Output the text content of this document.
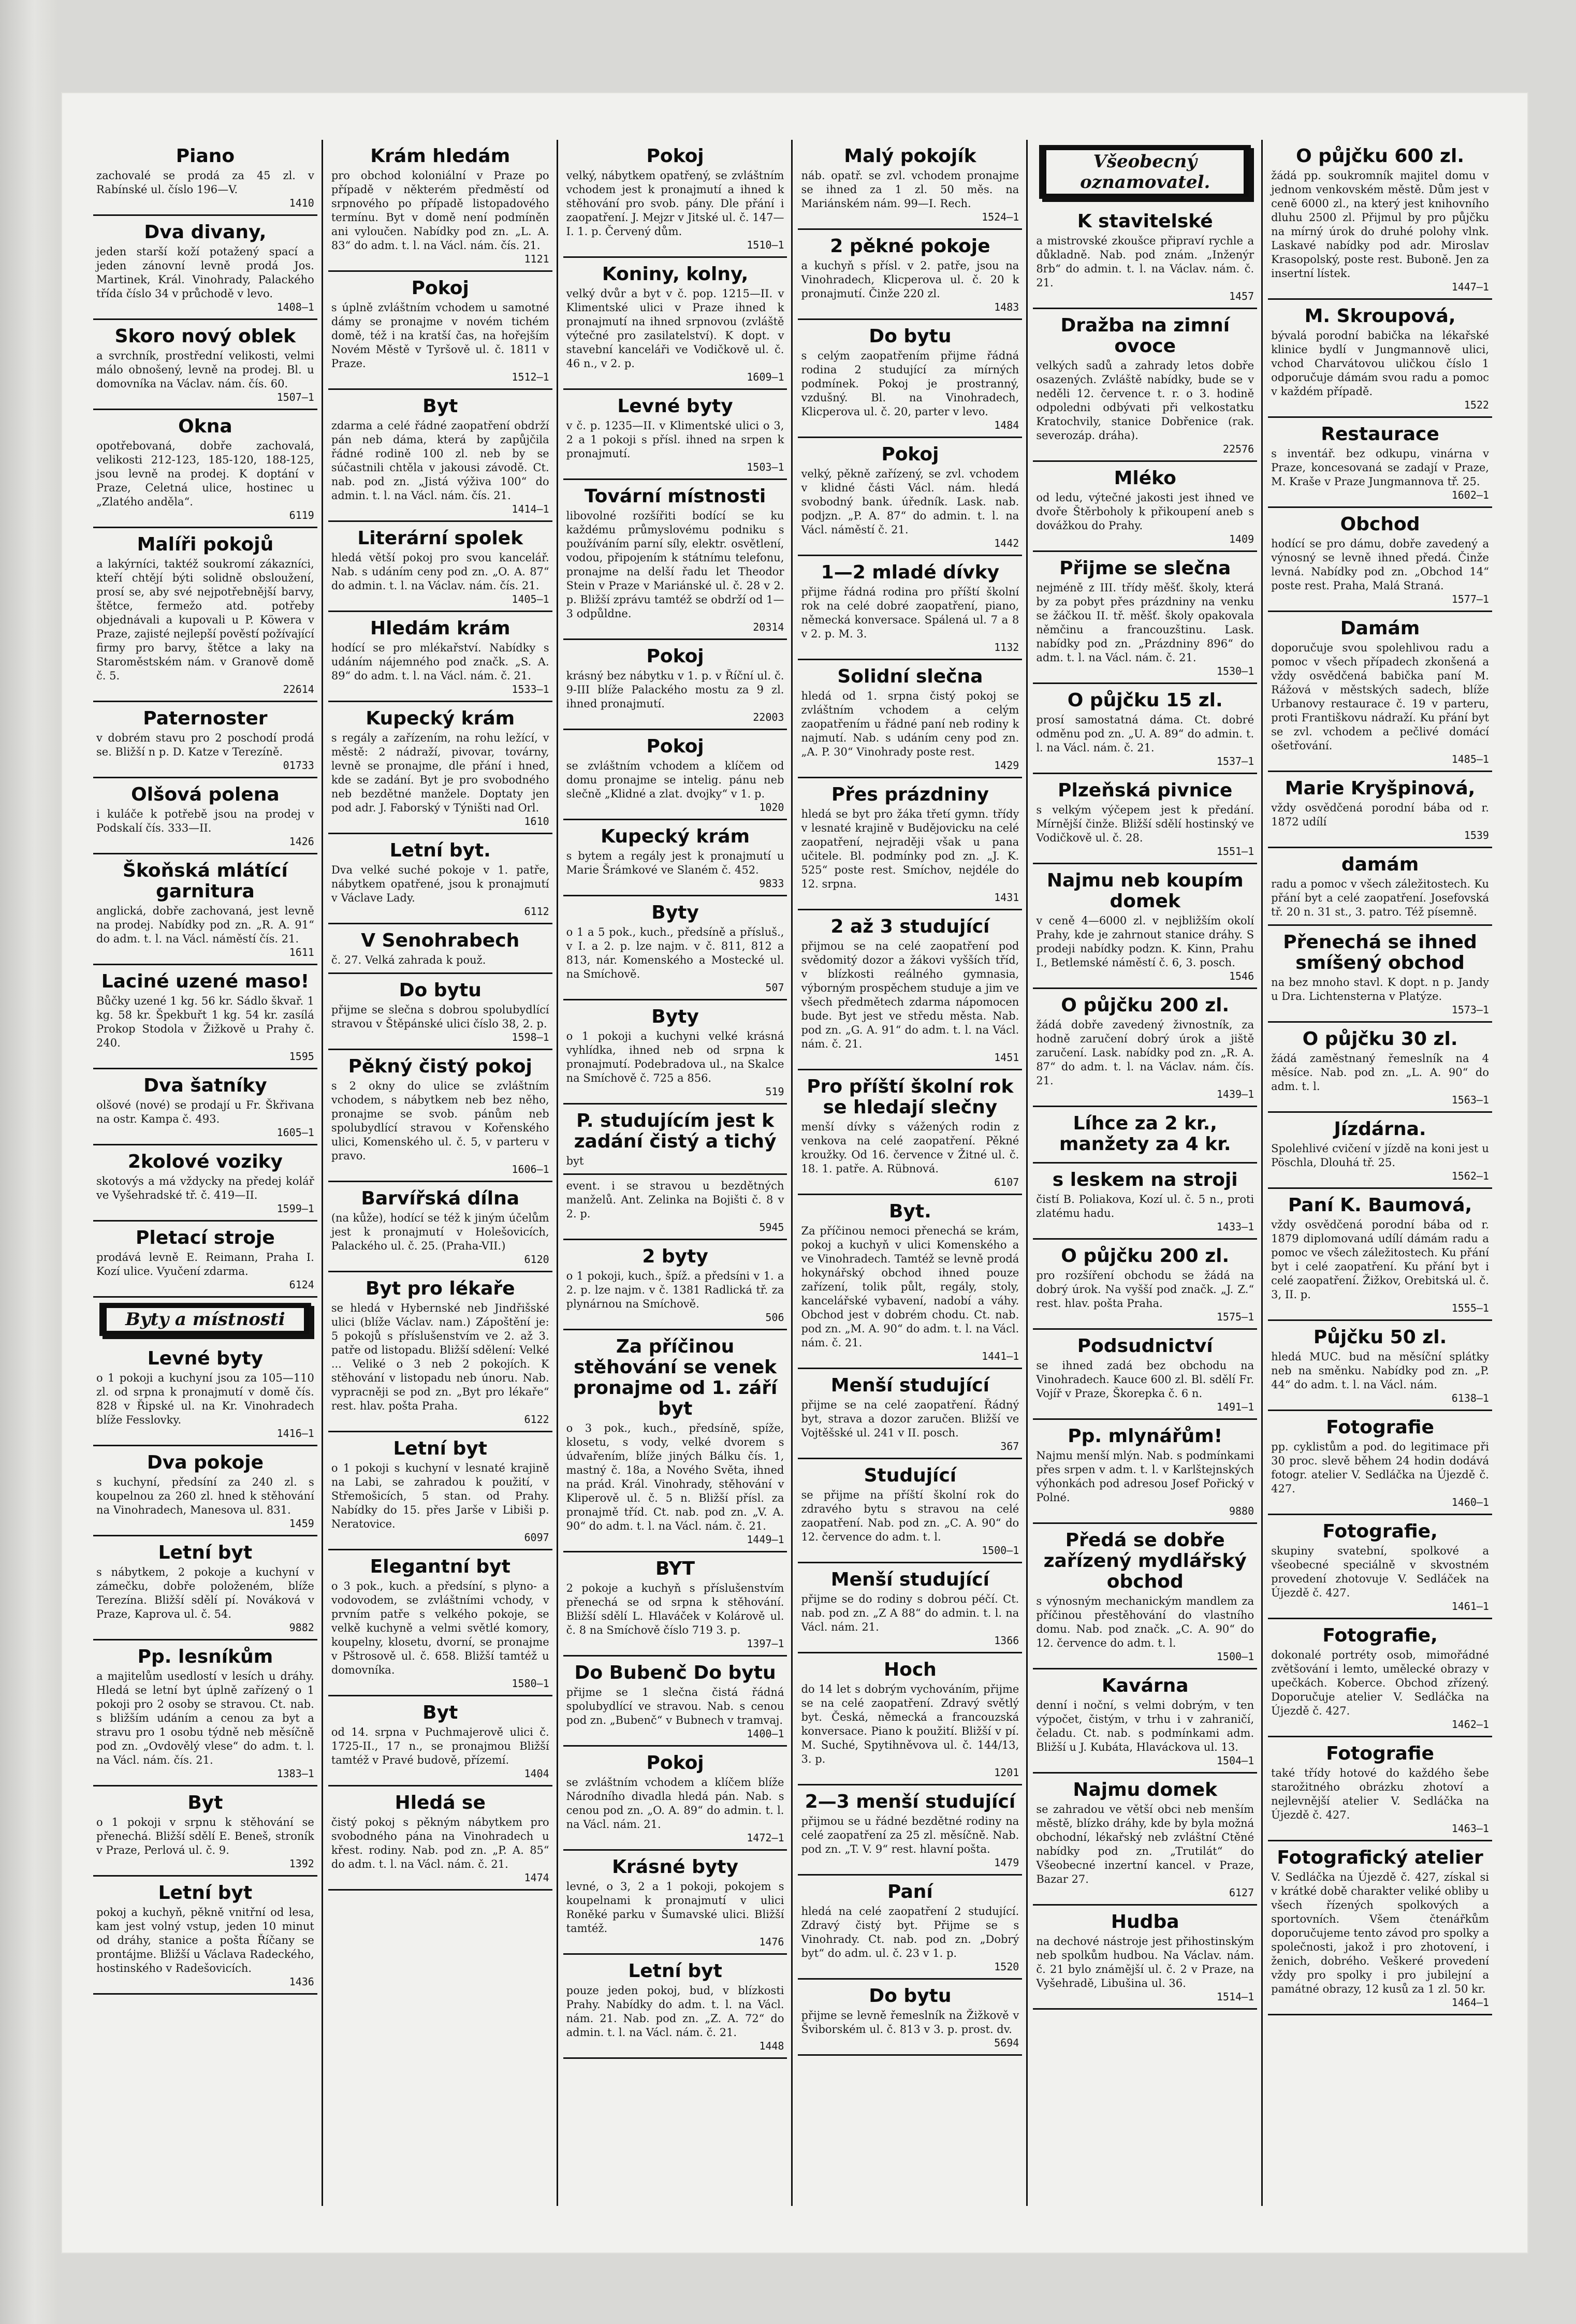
Piano
zachovalé se prodá za 45 zl. v Rabínské ul. číslo 196—V.
1410
Dva divany,
jeden starší koží potažený spací a jeden zánovní levně prodá Jos. Martinek, Král. Vinohrady, Palackého třída číslo 34 v průchodě v levo.
1408—1
Skoro nový oblek
a svrchník, prostřední velikosti, velmi málo obnošený, levně na prodej. Bl. u domovníka na Václav. nám. čís. 60.
1507—1
Okna
opotřebovaná, dobře zachovalá, velikosti 212-123, 185-120, 188-125, jsou levně na prodej. K doptání v Praze, Celetná ulice, hostinec u „Zlatého anděla“.
6119
Malíři pokojů
a lakýrníci, taktéž soukromí zákazníci, kteří chtějí býti solidně obsloužení, prosí se, aby své nejpotřebnější barvy, štětce, fermežo atd. potřeby objednávali a kupovali u P. Köwera v Praze, zajisté nejlepší pověstí požívající firmy pro barvy, štětce a laky na Staroměstském nám. v Granově domě č. 5.
22614
Paternoster
v dobrém stavu pro 2 poschodí prodá se. Bližší n p. D. Katze v Terezíně.
01733
Olšová polena
i kuláče k potřebě jsou na prodej v Podskalí čís. 333—II.
1426
Škoňská mlátící garnitura
anglická, dobře zachovaná, jest levně na prodej. Nabídky pod zn. „R. A. 91“ do adm. t. l. na Václ. náměstí čís. 21.
1611
Laciné uzené maso!
Bůčky uzené 1 kg. 56 kr. Sádlo škvař. 1 kg. 58 kr. Špekbuřt 1 kg. 54 kr. zasílá Prokop Stodola v Žižkově u Prahy č. 240.
1595
Dva šatníky
olšové (nové) se prodají u Fr. Škřivana na ostr. Kampa č. 493.
1605—1
2kolové voziky
skotovýs a má vždycky na předej kolář ve Vyšehradské tř. č. 419—II.
1599—1
Pletací stroje
prodává levně E. Reimann, Praha I. Kozí ulice. Vyučení zdarma.
6124
Byty a místnosti
Levné byty
o 1 pokoji a kuchyní jsou za 105—110 zl. od srpna k pronajmutí v domě čís. 828 v Řipské ul. na Kr. Vinohradech blíže Fesslovky.
1416—1
Dva pokoje
s kuchyní, předsíní za 240 zl. s koupelnou za 260 zl. hned k stěhování na Vinohradech, Manesova ul. 831.
1459
Letní byt
s nábytkem, 2 pokoje a kuchyní v zámečku, dobře položeném, blíže Terezína. Bližší sdělí pí. Nováková v Praze, Kaprova ul. č. 54.
9882
Pp. lesníkům
a majitelům usedlostí v lesích u dráhy. Hledá se letní byt úplně zařízený o 1 pokoji pro 2 osoby se stravou. Ct. nab. s bližším udáním a cenou za byt a stravu pro 1 osobu týdně neb měsíčně pod zn. „Ovdovělý vlese“ do adm. t. l. na Václ. nám. čís. 21.
1383—1
Byt
o 1 pokoji v srpnu k stěhování se přenechá. Bližší sdělí E. Beneš, stroník v Praze, Perlová ul. č. 9.
1392
Letní byt
pokoj a kuchyň, pěkně vnitřní od lesa, kam jest volný vstup, jeden 10 minut od dráhy, stanice a pošta Říčany se prontájme. Bližší u Václava Radeckého, hostinského v Radešovicích.
1436
Krám hledám
pro obchod koloniální v Praze po případě v některém předměstí od srpnového po případě listopadového termínu. Byt v domě není podmíněn ani vyloučen. Nabídky pod zn. „L. A. 83“ do adm. t. l. na Václ. nám. čís. 21.
1121
Pokoj
s úplně zvláštním vchodem u samotné dámy se pronajme v novém tichém domě, též i na kratší čas, na hořejším Novém Městě v Tyršově ul. č. 1811 v Praze.
1512—1
Byt
zdarma a celé řádné zaopatření obdrží pán neb dáma, která by zapůjčila řádné rodině 100 zl. neb by se súčastnili chtěla v jakousi závodě. Ct. nab. pod zn. „Jistá výživa 100“ do admin. t. l. na Václ. nám. čís. 21.
1414—1
Literární spolek
hledá větší pokoj pro svou kancelář. Nab. s udáním ceny pod zn. „O. A. 87“ do admin. t. l. na Václav. nám. čís. 21.
1405—1
Hledám krám
hodící se pro mlékařství. Nabídky s udáním nájemného pod značk. „S. A. 89“ do adm. t. l. na Václ. nám. č. 21.
1533—1
Kupecký krám
s regály a zařízením, na rohu ležící, v městě: 2 nádraží, pivovar, továrny, levně se pronajme, dle přání i hned, kde se zadání. Byt je pro svobodného neb bezdětné manžele. Doptaty jen pod adr. J. Faborský v Týništi nad Orl.
1610
Letní byt.
Dva velké suché pokoje v 1. patře, nábytkem opatřené, jsou k pronajmutí v Václave Lady.
6112
V Senohrabech
č. 27. Velká zahrada k použ.
Do bytu
přijme se slečna s dobrou spolubydlící stravou v Štěpánské ulici číslo 38, 2. p.
1598—1
Pěkný čistý pokoj
s 2 okny do ulice se zvláštním vchodem, s nábytkem neb bez něho, pronajme se svob. pánům neb spolubydlící stravou v Kořenského ulici, Komenského ul. č. 5, v parteru v pravo.
1606—1
Barvířská dílna
(na kůže), hodící se též k jiným účelům jest k pronajmutí v Holešovicích, Palackého ul. č. 25. (Praha-VII.)
6120
Byt pro lékaře
se hledá v Hybernské neb Jindřišské ulici (blíže Václav. nam.) Zápoštění je: 5 pokojů s příslušenstvím ve 2. až 3. patře od listopadu. Bližší sdělení: Velké ... Veliké o 3 neb 2 pokojích. K stěhování v listopadu neb únoru. Nab. vypracněji se pod zn. „Byt pro lékaře“ rest. hlav. pošta Praha.
6122
Letní byt
o 1 pokoji s kuchyní v lesnaté krajině na Labi, se zahradou k použití, v Střemošicích, 5 stan. od Prahy. Nabídky do 15. přes Jarše v Libiši p. Neratovice.
6097
Elegantní byt
o 3 pok., kuch. a předsíní, s plyno- a vodovodem, se zvláštními vchody, v prvním patře s velkého pokoje, se velkě kuchyně a velmi světlé komory, koupelny, klosetu, dvorní, se pronajme v Pštrosově ul. č. 658. Bližší tamtéž u domovníka.
1580—1
Byt
od 14. srpna v Puchmajerově ulici č. 1725-II., 17 n., se pronajmou Bližší tamtéž v Pravé budově, přízemí.
1404
Hledá se
čistý pokoj s pěkným nábytkem pro svobodného pána na Vinohradech u křest. rodiny. Nab. pod zn. „P. A. 85“ do adm. t. l. na Václ. nám. č. 21.
1474
Pokoj
velký, nábytkem opatřený, se zvláštním vchodem jest k pronajmutí a ihned k stěhování pro svob. pány. Dle přání i zaopatření. J. Mejzr v Jitské ul. č. 147—I. 1. p. Červený dům.
1510—1
Koniny, kolny,
velký dvůr a byt v č. pop. 1215—II. v Klimentské ulici v Praze ihned k pronajmutí na ihned srpnovou (zvláště výtečné pro zasilatelství). K dopt. v stavební kanceláři ve Vodičkově ul. č. 46 n., v 2. p.
1609—1
Levné byty
v č. p. 1235—II. v Klimentské ulici o 3, 2 a 1 pokoji s přísl. ihned na srpen k pronajmutí.
1503—1
Tovární místnosti
libovolné rozšířiti bodící se ku každému průmyslovému podniku s používáním parní síly, elektr. osvětlení, vodou, připojením k státnímu telefonu, pronajme na delší řadu let Theodor Stein v Praze v Mariánské ul. č. 28 v 2. p. Bližší zprávu tamtéž se obdrží od 1—3 odpůldne.
20314
Pokoj
krásný bez nábytku v 1. p. v Říční ul. č. 9-III blíže Palackého mostu za 9 zl. ihned pronajmutí.
22003
Pokoj
se zvláštním vchodem a klíčem od domu pronajme se intelig. pánu neb slečně „Klidné a zlat. dvojky“ v 1. p.
1020
Kupecký krám
s bytem a regály jest k pronajmutí u Marie Šrámkové ve Slaném č. 452.
9833
Byty
o 1 a 5 pok., kuch., předsíně a přísluš., v I. a 2. p. lze najm. v č. 811, 812 a 813, nár. Komenského a Mostecké ul. na Smíchově.
507
Byty
o 1 pokoji a kuchyni velké krásná vyhlídka, ihned neb od srpna k pronajmutí. Podebradova ul., na Skalce na Smíchově č. 725 a 856.
519
P. studujícím jest k zadání čistý a tichý
byt
event. i se stravou u bezdětných manželů. Ant. Zelinka na Bojišti č. 8 v 2. p.
5945
2 byty
o 1 pokoji, kuch., špíž. a předsíni v 1. a 2. p. lze najm. v č. 1381 Radlická tř. za plynárnou na Smíchově.
506
Za příčinou stěhování se venek pronajme od 1. září byt
o 3 pok., kuch., předsíně, spíže, klosetu, s vody, velké dvorem s údvařením, blíže jiných Bálku čís. 1, mastný č. 18a, a Nového Světa, ihned na prád. Král. Vinohrady, stěhování v Kliperově ul. č. 5 n. Bližší přísl. za pronajmě tříd. Ct. nab. pod zn. „V. A. 90“ do adm. t. l. na Václ. nám. č. 21.
1449—1
BYT
2 pokoje a kuchyň s příslušenstvím přenechá se od srpna k stěhování. Bližší sdělí L. Hlaváček v Kolárově ul. č. 8 na Smíchově číslo 719 3. p.
1397—1
Do Bubenč Do bytu
přijme se 1 slečna čistá řádná spolubydlící ve stravou. Nab. s cenou pod zn. „Bubenč“ v Bubnech v tramvaj.
1400—1
Pokoj
se zvláštním vchodem a klíčem blíže Národního divadla hledá pán. Nab. s cenou pod zn. „O. A. 89“ do admin. t. l. na Václ. nám. 21.
1472—1
Krásné byty
levné, o 3, 2 a 1 pokoji, pokojem s koupelnami k pronajmutí v ulici Roněké parku v Šumavské ulici. Bližší tamtéž.
1476
Letní byt
pouze jeden pokoj, bud, v blízkosti Prahy. Nabídky do adm. t. l. na Václ. nám. 21. Nab. pod zn. „Z. A. 72“ do admin. t. l. na Václ. nám. č. 21.
1448
Malý pokojík
náb. opatř. se zvl. vchodem pronajme se ihned za 1 zl. 50 měs. na Mariánském nám. 99—I. Rech.
1524—1
2 pěkné pokoje
a kuchyň s přísl. v 2. patře, jsou na Vinohradech, Klicperova ul. č. 20 k pronajmutí. Činže 220 zl.
1483
Do bytu
s celým zaopatřením přijme řádná rodina 2 studující za mírných podmínek. Pokoj je prostranný, vzdušný. Bl. na Vinohradech, Klicperova ul. č. 20, parter v levo.
1484
Pokoj
velký, pěkně zařízený, se zvl. vchodem v klidné části Václ. nám. hledá svobodný bank. úředník. Lask. nab. podjzn. „P. A. 87“ do admin. t. l. na Václ. náměstí č. 21.
1442
1—2 mladé dívky
přijme řádná rodina pro příští školní rok na celé dobré zaopatření, piano, německá konversace. Spálená ul. 7 a 8 v 2. p. M. 3.
1132
Solidní slečna
hledá od 1. srpna čistý pokoj se zvláštním vchodem a celým zaopatřením u řádné paní neb rodiny k najmutí. Nab. s udáním ceny pod zn. „A. P. 30“ Vinohrady poste rest.
1429
Přes prázdniny
hledá se byt pro žáka třetí gymn. třídy v lesnaté krajině v Budějovicku na celé zaopatření, nejraději však u pana učitele. Bl. podmínky pod zn. „J. K. 525“ poste rest. Smíchov, nejdéle do 12. srpna.
1431
2 až 3 studující
přijmou se na celé zaopatření pod svědomitý dozor a žákovi vyšších tříd, v blízkosti reálného gymnasia, výborným prospěchem studuje a jim ve všech předmětech zdarma nápomocen bude. Byt jest ve středu města. Nab. pod zn. „G. A. 91“ do adm. t. l. na Václ. nám. č. 21.
1451
Pro příští školní rok se hledají slečny
menší dívky s vážených rodin z venkova na celé zaopatření. Pěkné kroužky. Od 16. července v Žitné ul. č. 18. 1. patře. A. Rübnová.
6107
Byt.
Za příčinou nemoci přenechá se krám, pokoj a kuchyň v ulici Komenského a ve Vinohradech. Tamtéž se levně prodá hokynářský obchod ihned pouze zařízení, tolik půlt, regály, stoly, kancelářské vybavení, nadobí a váhy. Obchod jest v dobrém chodu. Ct. nab. pod zn. „M. A. 90“ do adm. t. l. na Václ. nám. č. 21.
1441—1
Menší studující
přijme se na celé zaopatření. Řádný byt, strava a dozor zaručen. Bližší ve Vojtěšské ul. 241 v II. posch.
367
Studující
se přijme na příští školní rok do zdravého bytu s stravou na celé zaopatření. Nab. pod zn. „C. A. 90“ do 12. července do adm. t. l.
1500—1
Menší studující
přijme se do rodiny s dobrou péčí. Ct. nab. pod zn. „Z A 88“ do admin. t. l. na Václ. nám. 21.
1366
Hoch
do 14 let s dobrým vychováním, přijme se na celé zaopatření. Zdravý světlý byt. Česká, německá a francouzská konversace. Piano k použití. Bližší v pí. M. Suché, Spytihněvova ul. č. 144/13, 3. p.
1201
2—3 menší studující
přijmou se u řádné bezdětné rodiny na celé zaopatření za 25 zl. měsíčně. Nab. pod zn. „T. V. 9“ rest. hlavní pošta.
1479
Paní
hledá na celé zaopatření 2 studující. Zdravý čistý byt. Přijme se s Vinohrady. Ct. nab. pod zn. „Dobrý byt“ do adm. ul. č. 23 v 1. p.
1520
Do bytu
přijme se levně řemeslník na Žižkově v Šviborském ul. č. 813 v 3. p. prost. dv.
5694
Všeobecný oznamovatel.
K stavitelské
a mistrovské zkoušce připraví rychle a důkladně. Nab. pod znám. „Inženýr 8rb“ do admin. t. l. na Václav. nám. č. 21.
1457
Dražba na zimní ovoce
velkých sadů a zahrady letos dobře osazených. Zvláště nabídky, bude se v neděli 12. července t. r. o 3. hodině odpoledni odbývati při velkostatku Kratochvily, stanice Dobřenice (rak. severozáp. dráha).
22576
Mléko
od ledu, výtečné jakosti jest ihned ve dvoře Štěrboholy k přikoupení aneb s dovážkou do Prahy.
1409
Přijme se slečna
nejméně z III. třídy měšť. školy, která by za pobyt přes prázdniny na venku se žáčkou II. tř. měšť. školy opakovala němčinu a francouzštinu. Lask. nabídky pod zn. „Prázdniny 896“ do adm. t. l. na Václ. nám. č. 21.
1530—1
O půjčku 15 zl.
prosí samostatná dáma. Ct. dobré odměnu pod zn. „U. A. 89“ do admin. t. l. na Václ. nám. č. 21.
1537—1
Plzeňská pivnice
s velkým výčepem jest k předání. Mírnější činže. Bližší sdělí hostinský ve Vodičkově ul. č. 28.
1551—1
Najmu neb koupím domek
v ceně 4—6000 zl. v nejbližším okolí Prahy, kde je zahrnout stanice dráhy. S prodeji nabídky podzn. K. Kinn, Prahu I., Betlemské náměstí č. 6, 3. posch.
1546
O půjčku 200 zl.
žádá dobře zavedený živnostník, za hodně zaručení dobrý úrok a jiště zaručení. Lask. nabídky pod zn. „R. A. 87“ do adm. t. l. na Václav. nám. čís. 21.
1439—1
Líhce za 2 kr., manžety za 4 kr.
s leskem na stroji
čistí B. Poliakova, Kozí ul. č. 5 n., proti zlatému hadu.
1433—1
O půjčku 200 zl.
pro rozšíření obchodu se žádá na dobrý úrok. Na vyšší pod značk. „J. Z.“ rest. hlav. pošta Praha.
1575—1
Podsudnictví
se ihned zadá bez obchodu na Vinohradech. Kauce 600 zl. Bl. sdělí Fr. Vojíř v Praze, Škorepka č. 6 n.
1491—1
Pp. mlynářům!
Najmu menší mlýn. Nab. s podmínkami přes srpen v adm. t. l. v Karlštejnských výhonkách pod adresou Josef Pořický v Polné.
9880
Předá se dobře zařízený mydlářský obchod
s výnosným mechanickým mandlem za příčinou přestěhování do vlastního domu. Nab. pod značk. „C. A. 90“ do 12. července do adm. t. l.
1500—1
Kavárna
denní i noční, s velmi dobrým, v ten výpočet, čistým, v trhu i v zahraničí, čeladu. Ct. nab. s podmínkami adm. Bližší u J. Kubáta, Hlaváckova ul. 13.
1504—1
Najmu domek
se zahradou ve větší obci neb menším městě, blízko dráhy, kde by byla možná obchodní, lékařský neb zvláštní Ctěné nabídky pod zn. „Trutilát“ do Všeobecné inzertní kancel. v Praze, Bazar 27.
6127
Hudba
na dechové nástroje jest přihostinským neb spolkům hudbou. Na Václav. nám. č. 21 bylo známější ul. č. 2 v Praze, na Vyšehradě, Libušina ul. 36.
1514—1
O půjčku 600 zl.
žádá pp. soukromník majitel domu v jednom venkovském městě. Dům jest v ceně 6000 zl., na který jest knihovního dluhu 2500 zl. Přijmul by pro půjčku na mírný úrok do druhé polohy vlnk. Laskavé nabídky pod adr. Miroslav Krasopolský, poste rest. Buboně. Jen za insertní lístek.
1447—1
M. Skroupová,
bývalá porodní babička na lékařské klinice bydlí v Jungmannově ulici, vchod Charvátovou uličkou číslo 1 odporučuje dámám svou radu a pomoc v každém případě.
1522
Restaurace
s inventář. bez odkupu, vinárna v Praze, koncesovaná se zadají v Praze, M. Kraše v Praze Jungmannova tř. 25.
1602—1
Obchod
hodící se pro dámu, dobře zavedený a výnosný se levně ihned předá. Činže levná. Nabídky pod zn. „Obchod 14“ poste rest. Praha, Malá Straná.
1577—1
Damám
doporučuje svou spolehlivou radu a pomoc v všech případech zkonšená a vždy osvědčená babička paní M. Rážová v městských sadech, blíže Urbanovy restaurace č. 19 v parteru, proti Františkovu nádraží. Ku přání byt se zvl. vchodem a pečlivé domácí ošetřování.
1485—1
Marie Kryšpinová,
vždy osvědčená porodní bába od r. 1872 udílí
1539
damám
radu a pomoc v všech záležitostech. Ku přání byt a celé zaopatření. Josefovská tř. 20 n. 31 st., 3. patro. Též písemně.
Přenechá se ihned smíšený obchod
na bez mnoho stavl. K dopt. n p. Jandy u Dra. Lichtensterna v Platýze.
1573—1
O půjčku 30 zl.
žádá zaměstnaný řemeslník na 4 měsíce. Nab. pod zn. „L. A. 90“ do adm. t. l.
1563—1
Jízdárna.
Spolehlivé cvičení v jízdě na koni jest u Pöschla, Dlouhá tř. 25.
1562—1
Paní K. Baumová,
vždy osvědčená porodní bába od r. 1879 diplomovaná udílí dámám radu a pomoc ve všech záležitostech. Ku přání byt i celé zaopatření. Ku přání byt i celé zaopatření. Žižkov, Orebitská ul. č. 3, II. p.
1555—1
Půjčku 50 zl.
hledá MUC. bud na měsíční splátky neb na směnku. Nabídky pod zn. „P. 44“ do adm. t. l. na Václ. nám.
6138—1
Fotografie
pp. cyklistům a pod. do legitimace při 30 proc. slevě během 24 hodin dodává fotogr. atelier V. Sedláčka na Újezdě č. 427.
1460—1
Fotografie,
skupiny svatební, spolkové a všeobecné speciálně v skvostném provedení zhotovuje V. Sedláček na Újezdě č. 427.
1461—1
Fotografie,
dokonalé portréty osob, mimořádné zvětšování i lemto, umělecké obrazy v upečkách. Koberce. Obchod zřízený. Doporučuje atelier V. Sedláčka na Újezdě č. 427.
1462—1
Fotografie
také třídy hotové do každého šebe starožitného obrázku zhotoví a nejlevnější atelier V. Sedláčka na Újezdě č. 427.
1463—1
Fotografický atelier
V. Sedláčka na Újezdě č. 427, získal si v krátké době charakter veliké obliby u všech řízených spolkových a sportovních. Všem čtenářkům doporučujeme tento závod pro spolky a společnosti, jakož i pro zhotovení, i ženich, dobrého. Veškeré provedení vždy pro spolky i pro jubilejní a památné obrazy, 12 kusů za 1 zl. 50 kr.
1464—1
